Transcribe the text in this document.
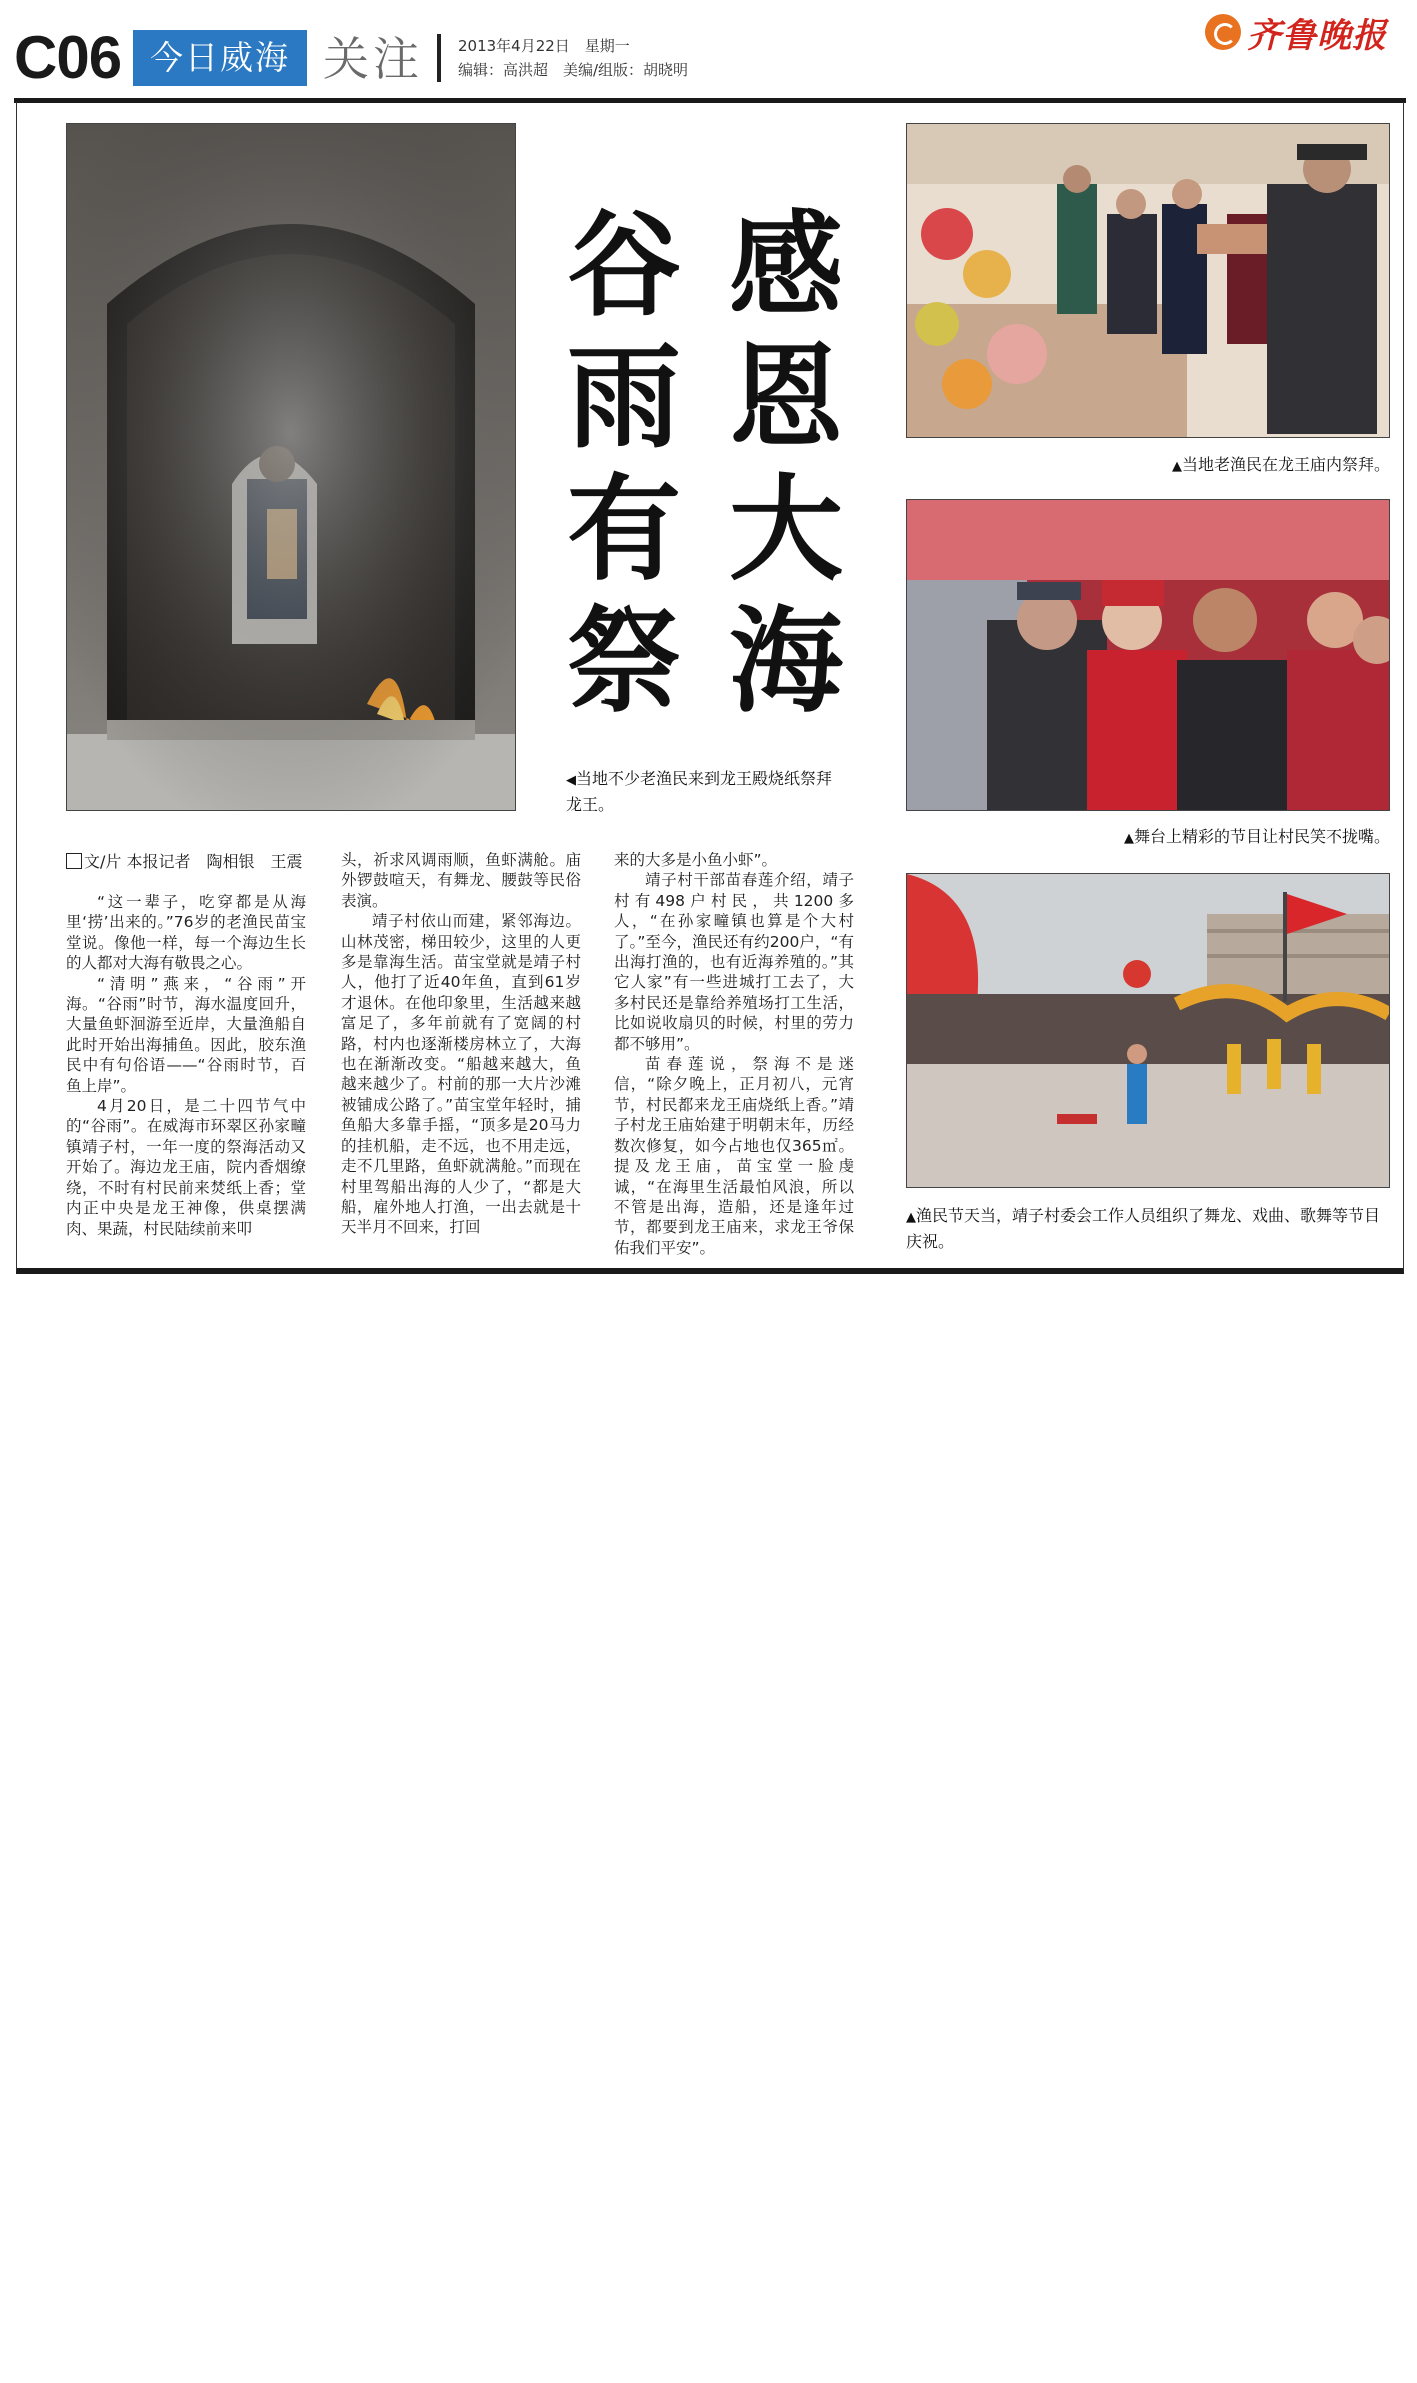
C06 今日威海 关注 2013年4月22日　星期一
编辑：高洪超　美编/组版：胡晓明
齐鲁晚报
感
恩
大
海
谷
雨
有
祭
◀当地不少老渔民来到龙王殿烧纸祭拜龙王。
▲当地老渔民在龙王庙内祭拜。
▲舞台上精彩的节目让村民笑不拢嘴。
▲渔民节天当，靖子村委会工作人员组织了舞龙、戏曲、歌舞等节目庆祝。
文/片 本报记者　陶相银　王震

“这一辈子，吃穿都是从海里‘捞’出来的。”76岁的老渔民苗宝堂说。像他一样，每一个海边生长的人都对大海有敬畏之心。

“清明”燕来，“谷雨”开海。“谷雨”时节，海水温度回升，大量鱼虾洄游至近岸，大量渔船自此时开始出海捕鱼。因此，胶东渔民中有句俗语——“谷雨时节，百鱼上岸”。

4月20日，是二十四节气中的“谷雨”。在威海市环翠区孙家疃镇靖子村，一年一度的祭海活动又开始了。海边龙王庙，院内香烟缭绕，不时有村民前来焚纸上香；堂内正中央是龙王神像，供桌摆满肉、果蔬，村民陆续前来叩

头，祈求风调雨顺，鱼虾满舱。庙外锣鼓喧天，有舞龙、腰鼓等民俗表演。

靖子村依山而建，紧邻海边。山林茂密，梯田较少，这里的人更多是靠海生活。苗宝堂就是靖子村人，他打了近40年鱼，直到61岁才退休。在他印象里，生活越来越富足了，多年前就有了宽阔的村路，村内也逐渐楼房林立了，大海也在渐渐改变。“船越来越大，鱼越来越少了。村前的那一大片沙滩被铺成公路了。”苗宝堂年轻时，捕鱼船大多靠手摇，“顶多是20马力的挂机船，走不远，也不用走远，走不几里路，鱼虾就满舱。”而现在村里驾船出海的人少了，“都是大船，雇外地人打渔，一出去就是十天半月不回来，打回

来的大多是小鱼小虾”。

靖子村干部苗春莲介绍，靖子村有498户村民，共1200多人，“在孙家疃镇也算是个大村了。”至今，渔民还有约200户，“有出海打渔的，也有近海养殖的。”其它人家”有一些进城打工去了，大多村民还是靠给养殖场打工生活，比如说收扇贝的时候，村里的劳力都不够用”。

苗春莲说，祭海不是迷信，“除夕晚上，正月初八，元宵节，村民都来龙王庙烧纸上香。”靖子村龙王庙始建于明朝末年，历经数次修复，如今占地也仅365㎡。提及龙王庙，苗宝堂一脸虔诚，“在海里生活最怕风浪，所以不管是出海，造船，还是逢年过节，都要到龙王庙来，求龙王爷保佑我们平安”。
